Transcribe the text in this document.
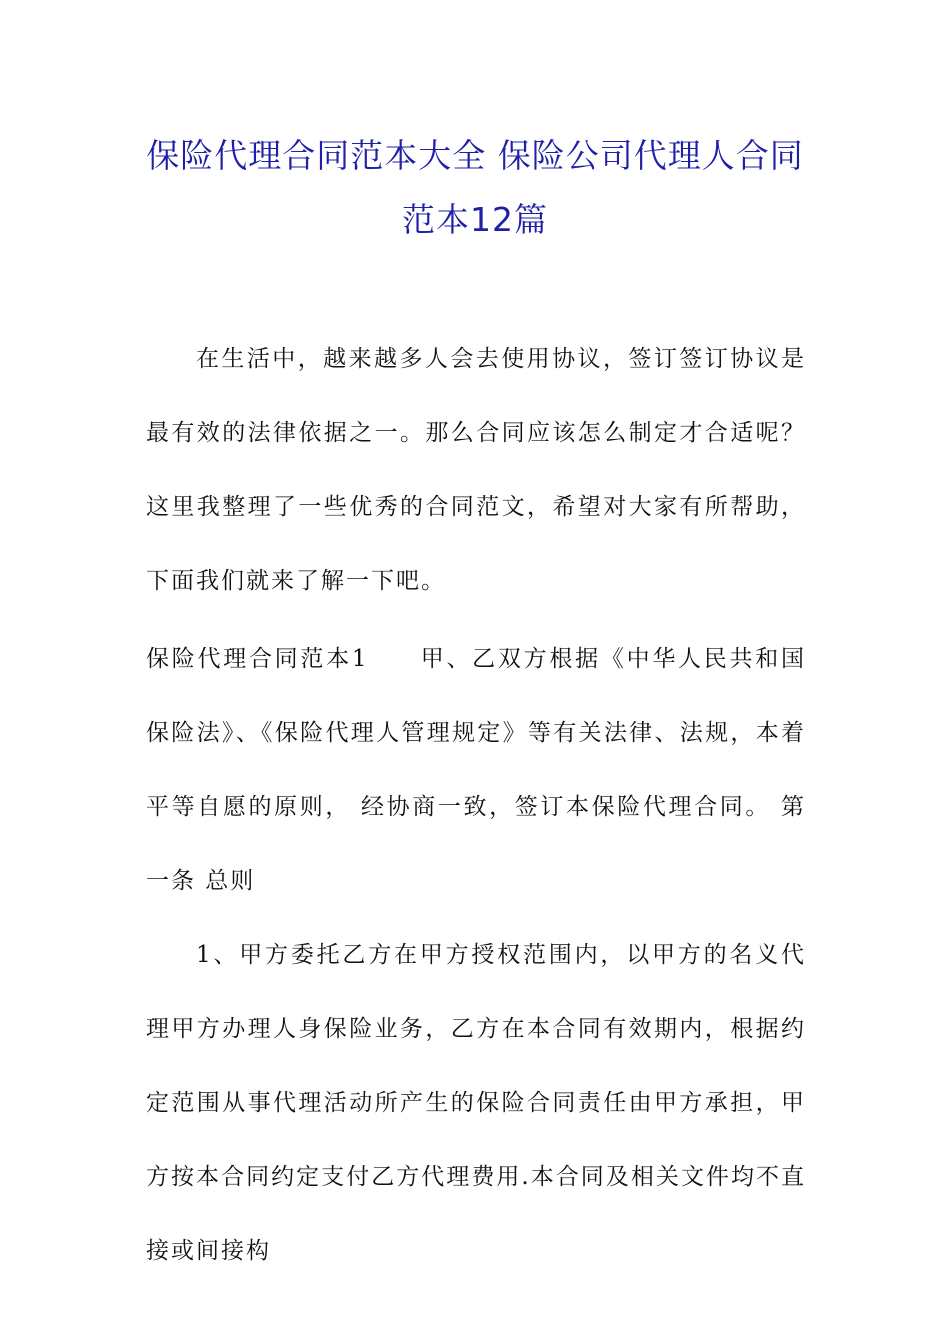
保险代理合同范本大全 保险公司代理人合同范本12篇

在生活中，越来越多人会去使用协议，签订签订协议是最有效的法律依据之一。那么合同应该怎么制定才合适呢？这里我整理了一些优秀的合同范文，希望对大家有所帮助，下面我们就来了解一下吧。

保险代理合同范本1　　甲、乙双方根据《中华人民共和国保险法》、《保险代理人管理规定》等有关法律、法规，本着平等自愿的原则， 经协商一致，签订本保险代理合同。 第一条 总则

1、甲方委托乙方在甲方授权范围内，以甲方的名义代理甲方办理人身保险业务，乙方在本合同有效期内，根据约定范围从事代理活动所产生的保险合同责任由甲方承担，甲方按本合同约定支付乙方代理费用.本合同及相关文件均不直接或间接构
